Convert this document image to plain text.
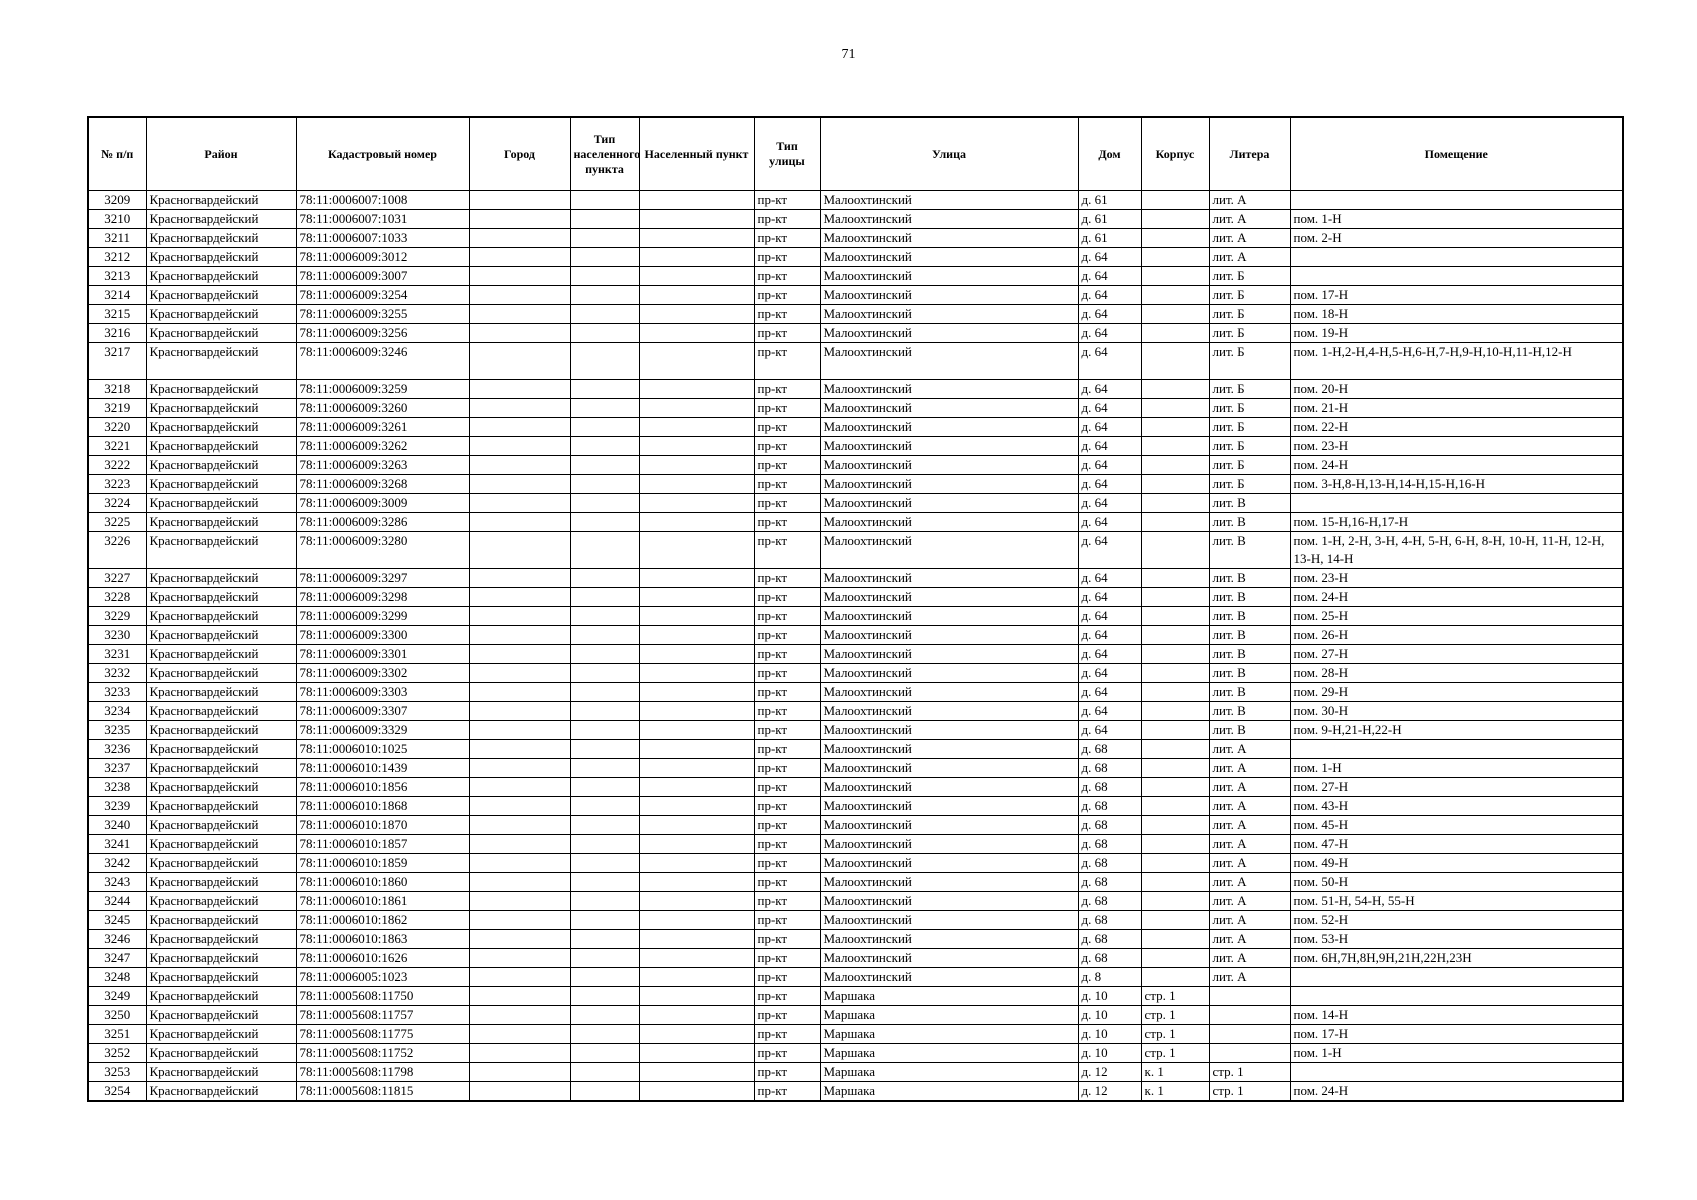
71
№ п/п	Район	Кадастровый номер	Город	Тип населенного пункта	Населенный пункт	Тип улицы	Улица	Дом	Корпус	Литера	Помещение
3209	Красногвардейский	78:11:0006007:1008				пр-кт	Малоохтинский	д. 61		лит. А	
3210	Красногвардейский	78:11:0006007:1031				пр-кт	Малоохтинский	д. 61		лит. А	пом. 1-Н
3211	Красногвардейский	78:11:0006007:1033				пр-кт	Малоохтинский	д. 61		лит. А	пом. 2-Н
3212	Красногвардейский	78:11:0006009:3012				пр-кт	Малоохтинский	д. 64		лит. А	
3213	Красногвардейский	78:11:0006009:3007				пр-кт	Малоохтинский	д. 64		лит. Б	
3214	Красногвардейский	78:11:0006009:3254				пр-кт	Малоохтинский	д. 64		лит. Б	пом. 17-Н
3215	Красногвардейский	78:11:0006009:3255				пр-кт	Малоохтинский	д. 64		лит. Б	пом. 18-Н
3216	Красногвардейский	78:11:0006009:3256				пр-кт	Малоохтинский	д. 64		лит. Б	пом. 19-Н
3217	Красногвардейский	78:11:0006009:3246				пр-кт	Малоохтинский	д. 64		лит. Б	пом. 1-Н,2-Н,4-Н,5-Н,6-Н,7-Н,9-Н,10-Н,11-Н,12-Н
3218	Красногвардейский	78:11:0006009:3259				пр-кт	Малоохтинский	д. 64		лит. Б	пом. 20-Н
3219	Красногвардейский	78:11:0006009:3260				пр-кт	Малоохтинский	д. 64		лит. Б	пом. 21-Н
3220	Красногвардейский	78:11:0006009:3261				пр-кт	Малоохтинский	д. 64		лит. Б	пом. 22-Н
3221	Красногвардейский	78:11:0006009:3262				пр-кт	Малоохтинский	д. 64		лит. Б	пом. 23-Н
3222	Красногвардейский	78:11:0006009:3263				пр-кт	Малоохтинский	д. 64		лит. Б	пом. 24-Н
3223	Красногвардейский	78:11:0006009:3268				пр-кт	Малоохтинский	д. 64		лит. Б	пом. 3-Н,8-Н,13-Н,14-Н,15-Н,16-Н
3224	Красногвардейский	78:11:0006009:3009				пр-кт	Малоохтинский	д. 64		лит. В	
3225	Красногвардейский	78:11:0006009:3286				пр-кт	Малоохтинский	д. 64		лит. В	пом. 15-Н,16-Н,17-Н
3226	Красногвардейский	78:11:0006009:3280				пр-кт	Малоохтинский	д. 64		лит. В	пом. 1-Н, 2-Н, 3-Н, 4-Н, 5-Н, 6-Н, 8-Н, 10-Н, 11-Н, 12-Н, 13-Н, 14-Н
3227	Красногвардейский	78:11:0006009:3297				пр-кт	Малоохтинский	д. 64		лит. В	пом. 23-Н
3228	Красногвардейский	78:11:0006009:3298				пр-кт	Малоохтинский	д. 64		лит. В	пом. 24-Н
3229	Красногвардейский	78:11:0006009:3299				пр-кт	Малоохтинский	д. 64		лит. В	пом. 25-Н
3230	Красногвардейский	78:11:0006009:3300				пр-кт	Малоохтинский	д. 64		лит. В	пом. 26-Н
3231	Красногвардейский	78:11:0006009:3301				пр-кт	Малоохтинский	д. 64		лит. В	пом. 27-Н
3232	Красногвардейский	78:11:0006009:3302				пр-кт	Малоохтинский	д. 64		лит. В	пом. 28-Н
3233	Красногвардейский	78:11:0006009:3303				пр-кт	Малоохтинский	д. 64		лит. В	пом. 29-Н
3234	Красногвардейский	78:11:0006009:3307				пр-кт	Малоохтинский	д. 64		лит. В	пом. 30-Н
3235	Красногвардейский	78:11:0006009:3329				пр-кт	Малоохтинский	д. 64		лит. В	пом. 9-Н,21-Н,22-Н
3236	Красногвардейский	78:11:0006010:1025				пр-кт	Малоохтинский	д. 68		лит. А	
3237	Красногвардейский	78:11:0006010:1439				пр-кт	Малоохтинский	д. 68		лит. А	пом. 1-Н
3238	Красногвардейский	78:11:0006010:1856				пр-кт	Малоохтинский	д. 68		лит. А	пом. 27-Н
3239	Красногвардейский	78:11:0006010:1868				пр-кт	Малоохтинский	д. 68		лит. А	пом. 43-Н
3240	Красногвардейский	78:11:0006010:1870				пр-кт	Малоохтинский	д. 68		лит. А	пом. 45-Н
3241	Красногвардейский	78:11:0006010:1857				пр-кт	Малоохтинский	д. 68		лит. А	пом. 47-Н
3242	Красногвардейский	78:11:0006010:1859				пр-кт	Малоохтинский	д. 68		лит. А	пом. 49-Н
3243	Красногвардейский	78:11:0006010:1860				пр-кт	Малоохтинский	д. 68		лит. А	пом. 50-Н
3244	Красногвардейский	78:11:0006010:1861				пр-кт	Малоохтинский	д. 68		лит. А	пом. 51-Н, 54-Н, 55-Н
3245	Красногвардейский	78:11:0006010:1862				пр-кт	Малоохтинский	д. 68		лит. А	пом. 52-Н
3246	Красногвардейский	78:11:0006010:1863				пр-кт	Малоохтинский	д. 68		лит. А	пом. 53-Н
3247	Красногвардейский	78:11:0006010:1626				пр-кт	Малоохтинский	д. 68		лит. А	пом. 6Н,7Н,8Н,9Н,21Н,22Н,23Н
3248	Красногвардейский	78:11:0006005:1023				пр-кт	Малоохтинский	д. 8		лит. А	
3249	Красногвардейский	78:11:0005608:11750				пр-кт	Маршака	д. 10	стр. 1		
3250	Красногвардейский	78:11:0005608:11757				пр-кт	Маршака	д. 10	стр. 1		пом. 14-Н
3251	Красногвардейский	78:11:0005608:11775				пр-кт	Маршака	д. 10	стр. 1		пом. 17-Н
3252	Красногвардейский	78:11:0005608:11752				пр-кт	Маршака	д. 10	стр. 1		пом. 1-Н
3253	Красногвардейский	78:11:0005608:11798				пр-кт	Маршака	д. 12	к. 1	стр. 1	
3254	Красногвардейский	78:11:0005608:11815				пр-кт	Маршака	д. 12	к. 1	стр. 1	пом. 24-Н
